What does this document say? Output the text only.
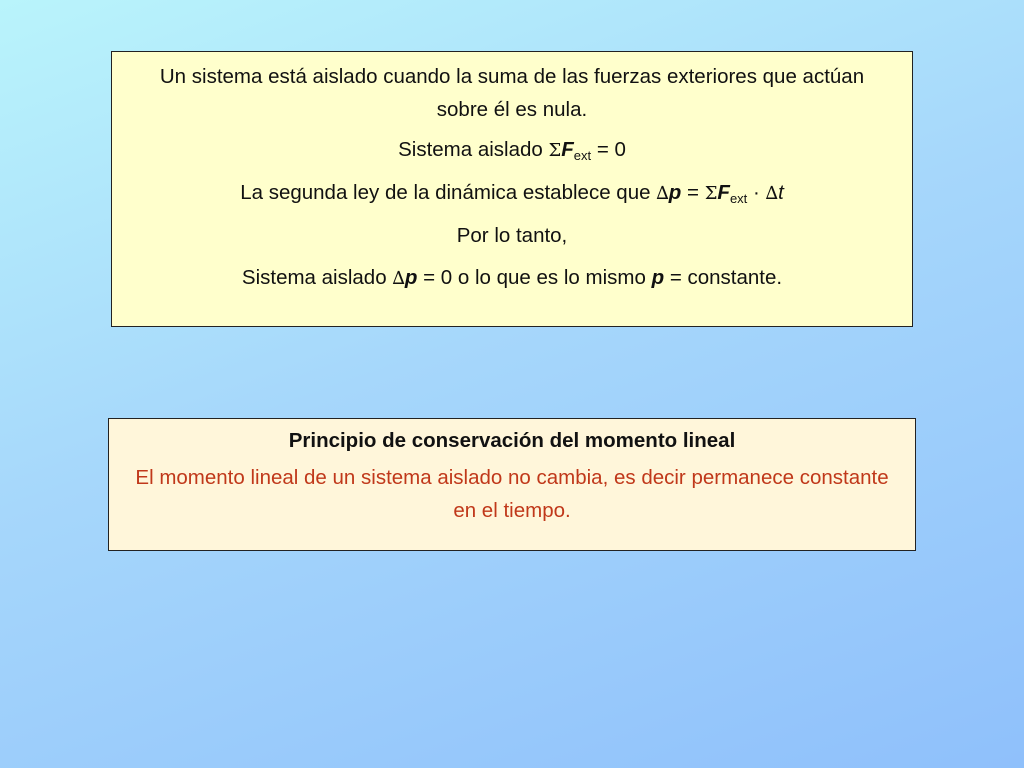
Un sistema está aislado cuando la suma de las fuerzas exteriores que actúan sobre él es nula.

Sistema aislado $\Sigma F_{ext} = 0$
La segunda ley de la dinámica establece que $\Delta p = \Sigma F_{ext} \cdot \Delta t$
Por lo tanto,
Sistema aislado ∆p = 0 o lo que es lo mismo p = constante.
Principio de conservación del momento lineal
El momento lineal de un sistema aislado no cambia, es decir permanece constante en el tiempo.
